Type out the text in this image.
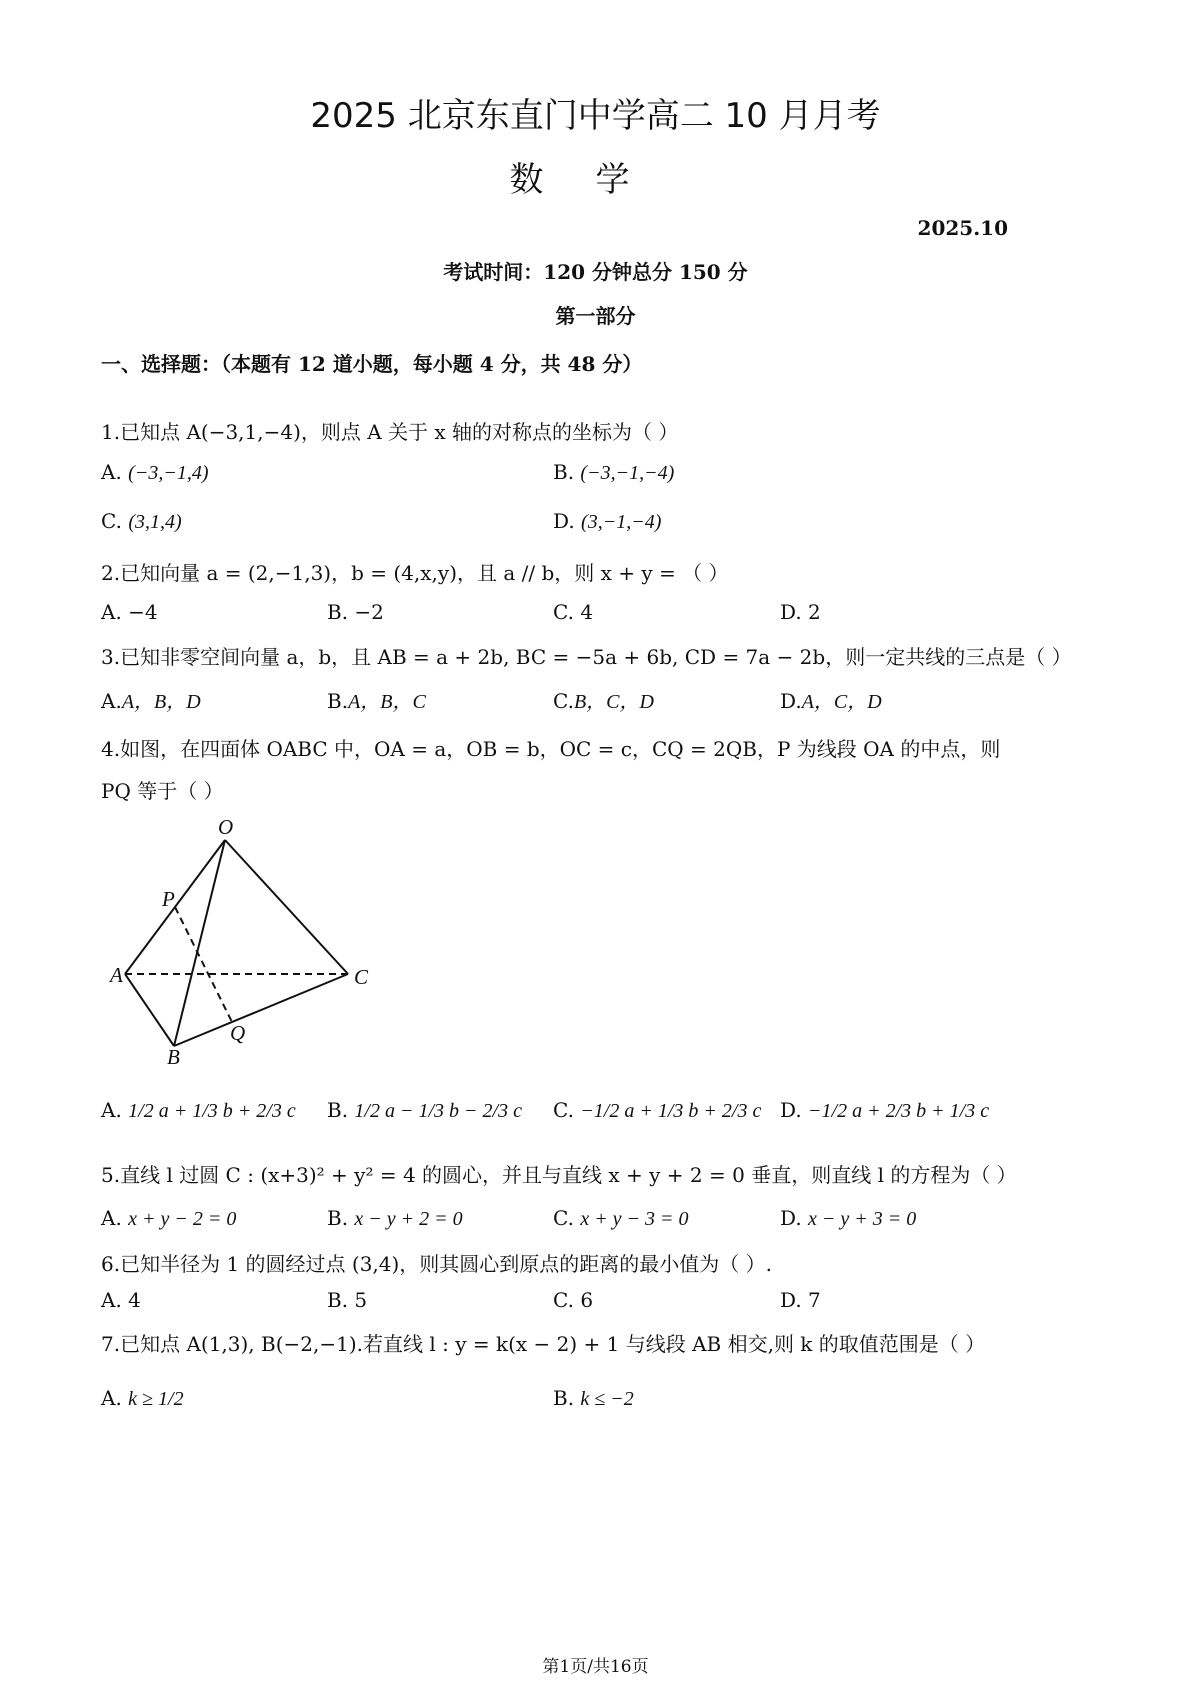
2025 北京东直门中学高二 10 月月考
数学
2025.10
考试时间：120 分钟总分 150 分
第一部分
一、选择题：（本题有 12 道小题，每小题 4 分，共 48 分）
1.已知点 A(−3,1,−4)，则点 A 关于 x 轴的对称点的坐标为（ ）
A. (−3,−1,4)	B. (−3,−1,−4)
C. (3,1,4)	D. (3,−1,−4)
2.已知向量 a = (2,−1,3)，b = (4,x,y)，且 a // b，则 x + y = （ ）
A. −4	B. −2	C. 4	D. 2
3.已知非零空间向量 a，b，且 AB = a + 2b, BC = −5a + 6b, CD = 7a − 2b，则一定共线的三点是（ ）
A.A，B，D	B.A，B，C	C.B，C，D	D.A，C，D
4.如图，在四面体 OABC 中，OA = a，OB = b，OC = c，CQ = 2QB，P 为线段 OA 的中点，则 PQ 等于（ ）
O
P
A	C
Q
B
A. 1/2 a + 1/3 b + 2/3 c B. 1/2 a − 1/3 b − 2/3 c C. −1/2 a + 1/3 b + 2/3 c D. −1/2 a + 2/3 b + 1/3 c
5.直线 l 过圆 C : (x+3)² + y² = 4 的圆心，并且与直线 x + y + 2 = 0 垂直，则直线 l 的方程为（ ）
A. x + y − 2 = 0	B. x − y + 2 = 0	C. x + y − 3 = 0	D. x − y + 3 = 0
6.已知半径为 1 的圆经过点 (3,4)，则其圆心到原点的距离的最小值为（ ）.
A. 4	B. 5	C. 6	D. 7
7.已知点 A(1,3), B(−2,−1).若直线 l : y = k(x − 2) + 1 与线段 AB 相交,则 k 的取值范围是（ ）
A. k ≥ 1/2	B. k ≤ −2
第1页/共16页
